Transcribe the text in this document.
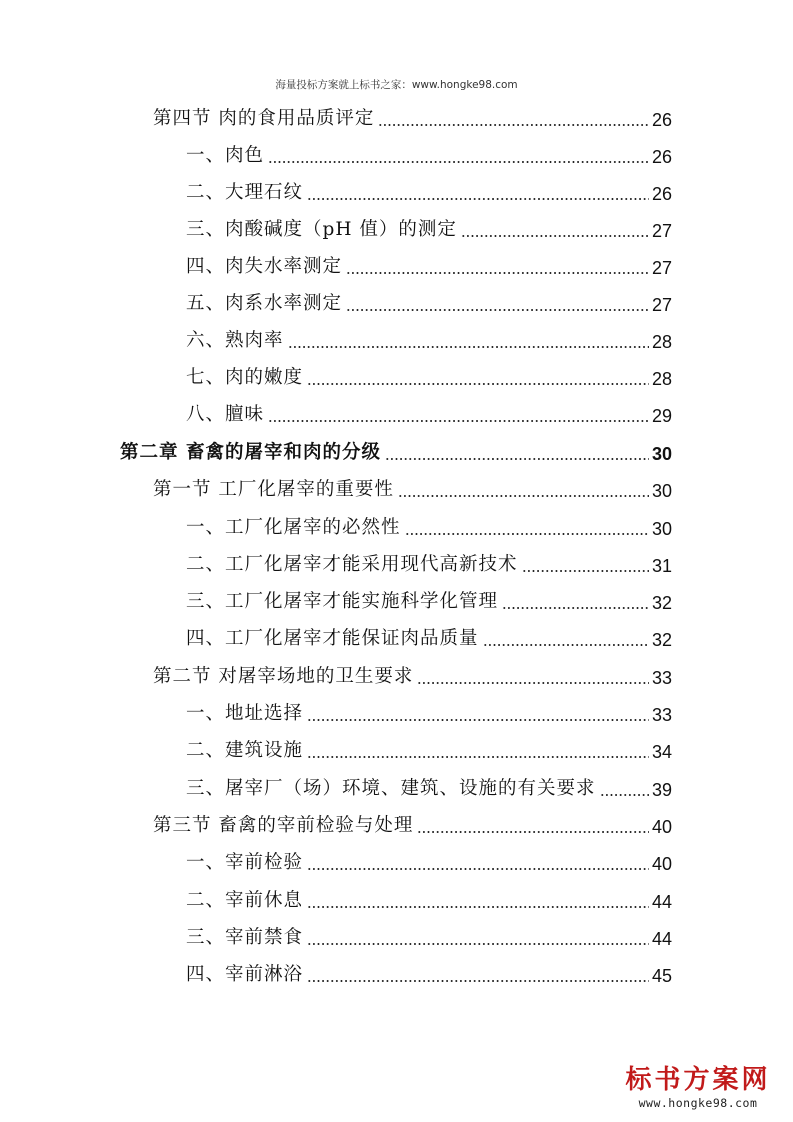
海量投标方案就上标书之家：www.hongke98.com
第四节 肉的食用品质评定	26
一、肉色	26
二、大理石纹	26
三、肉酸碱度（pH 值）的测定	27
四、肉失水率测定	27
五、肉系水率测定	27
六、熟肉率	28
七、肉的嫩度	28
八、膻味	29
第二章 畜禽的屠宰和肉的分级	30
第一节 工厂化屠宰的重要性	30
一、工厂化屠宰的必然性	30
二、工厂化屠宰才能采用现代高新技术	31
三、工厂化屠宰才能实施科学化管理	32
四、工厂化屠宰才能保证肉品质量	32
第二节 对屠宰场地的卫生要求	33
一、地址选择	33
二、建筑设施	34
三、屠宰厂（场）环境、建筑、设施的有关要求	39
第三节 畜禽的宰前检验与处理	40
一、宰前检验	40
二、宰前休息	44
三、宰前禁食	44
四、宰前淋浴	45
标书方案网
www.hongke98.com
